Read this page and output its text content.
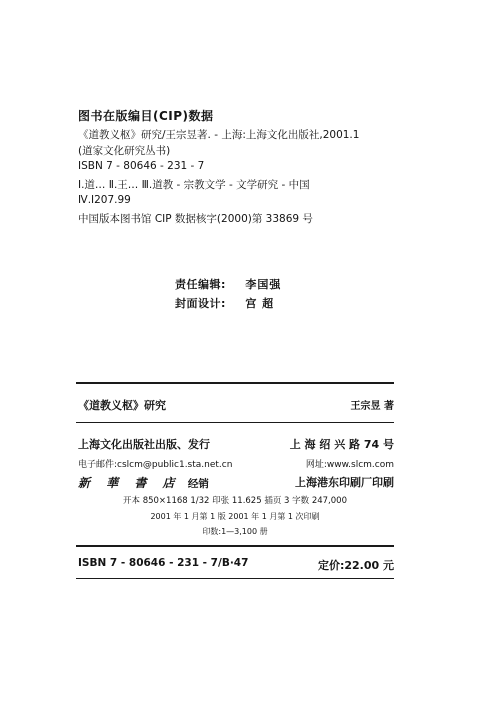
图书在版编目(CIP)数据
《道教义枢》研究/王宗昱著. - 上海:上海文化出版社,2001.1
(道家文化研究丛书)
ISBN 7 - 80646 - 231 - 7
Ⅰ.道… Ⅱ.王… Ⅲ.道教 - 宗教文学 - 文学研究 - 中国
Ⅳ.I207.99
中国版本图书馆 CIP 数据核字(2000)第 33869 号
责任编辑: 李国强
封面设计: 宫 超
《道教义枢》研究	王宗昱 著
上海文化出版社出版、发行	上 海 绍 兴 路 74 号
电子邮件:cslcm@public1.sta.net.cn	网址:www.slcm.com
新 華 書 店 经销	上海港东印刷厂印刷
开本 850×1168 1/32 印张 11.625 插页 3 字数 247,000
2001 年 1 月第 1 版 2001 年 1 月第 1 次印刷
印数:1—3,100 册
ISBN 7 - 80646 - 231 - 7/B·47	定价:22.00 元
